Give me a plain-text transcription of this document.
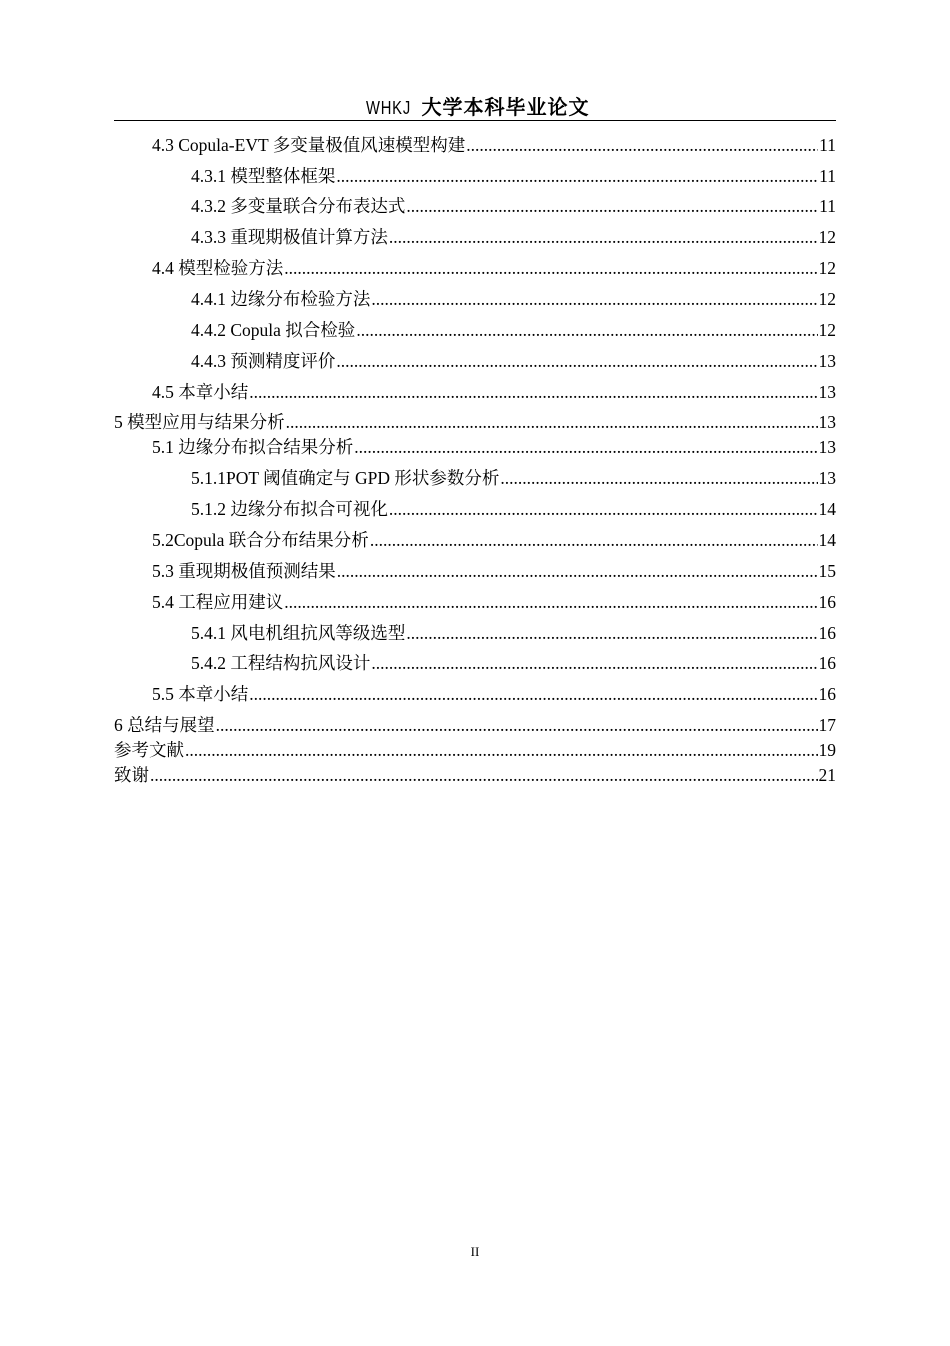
WHKJ 大学本科毕业论文
4.3 Copula-EVT 多变量极值风速模型构建 .....	11
4.3.1 模型整体框架 .....	11
4.3.2 多变量联合分布表达式 .....	11
4.3.3 重现期极值计算方法 .....	12
4.4 模型检验方法 .....	12
4.4.1 边缘分布检验方法 .....	12
4.4.2 Copula 拟合检验 .....	12
4.4.3 预测精度评价 .....	13
4.5 本章小结 .....	13
5 模型应用与结果分析 .....	13
5.1 边缘分布拟合结果分析 .....	13
5.1.1POT 阈值确定与 GPD 形状参数分析 .....	13
5.1.2 边缘分布拟合可视化 .....	14
5.2Copula 联合分布结果分析 .....	14
5.3 重现期极值预测结果 .....	15
5.4 工程应用建议 .....	16
5.4.1 风电机组抗风等级选型 .....	16
5.4.2 工程结构抗风设计 .....	16
5.5 本章小结 .....	16
6 总结与展望 .....	17
参考文献 .....	19
致谢 .....	21
II
